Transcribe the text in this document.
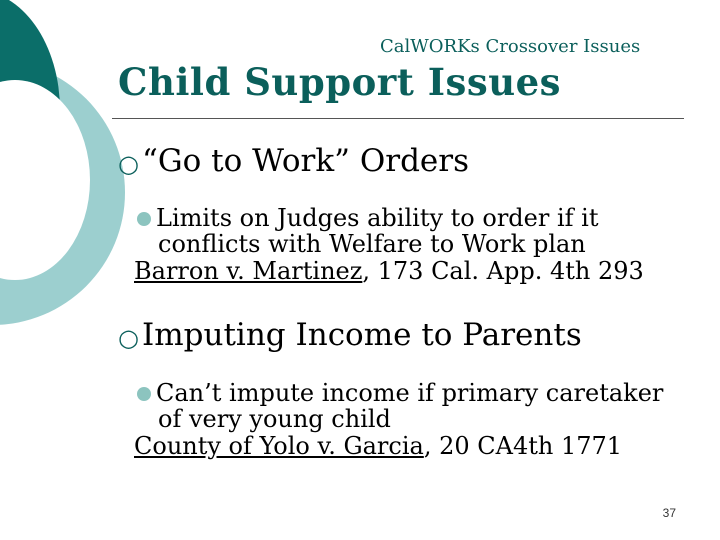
CalWORKs Crossover Issues
Child Support Issues
○ “Go to Work” Orders
Limits on Judges ability to order if it
conflicts with Welfare to Work plan
Barron v. Martinez, 173 Cal. App. 4th 293
○ Imputing Income to Parents
Can’t impute income if primary caretaker
of very young child
County of Yolo v. Garcia, 20 CA4th 1771
37
